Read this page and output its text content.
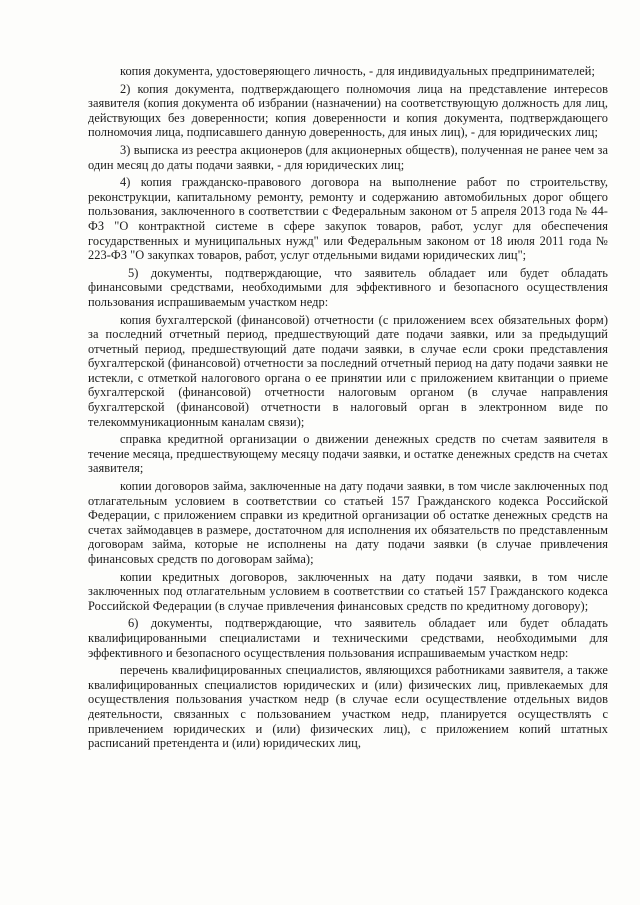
копия документа, удостоверяющего личность, - для индивидуальных предпринимателей;

2) копия документа, подтверждающего полномочия лица на представление интересов заявителя (копия документа об избрании (назначении) на соответствующую должность для лиц, действующих без доверенности; копия доверенности и копия документа, подтверждающего полномочия лица, подписавшего данную доверенность, для иных лиц), - для юридических лиц;

3) выписка из реестра акционеров (для акционерных обществ), полученная не ранее чем за один месяц до даты подачи заявки, - для юридических лиц;

4) копия гражданско-правового договора на выполнение работ по строительству, реконструкции, капитальному ремонту, ремонту и содержанию автомобильных дорог общего пользования, заключенного в соответствии с Федеральным законом от 5 апреля 2013 года № 44-ФЗ "О контрактной системе в сфере закупок товаров, работ, услуг для обеспечения государственных и муниципальных нужд" или Федеральным законом от 18 июля 2011 года № 223-ФЗ "О закупках товаров, работ, услуг отдельными видами юридических лиц";

5) документы, подтверждающие, что заявитель обладает или будет обладать финансовыми средствами, необходимыми для эффективного и безопасного осуществления пользования испрашиваемым участком недр:

копия бухгалтерской (финансовой) отчетности (с приложением всех обязательных форм) за последний отчетный период, предшествующий дате подачи заявки, или за предыдущий отчетный период, предшествующий дате подачи заявки, в случае если сроки представления бухгалтерской (финансовой) отчетности за последний отчетный период на дату подачи заявки не истекли, с отметкой налогового органа о ее принятии или с приложением квитанции о приеме бухгалтерской (финансовой) отчетности налоговым органом (в случае направления бухгалтерской (финансовой) отчетности в налоговый орган в электронном виде по телекоммуникационным каналам связи);

справка кредитной организации о движении денежных средств по счетам заявителя в течение месяца, предшествующему месяцу подачи заявки, и остатке денежных средств на счетах заявителя;

копии договоров займа, заключенные на дату подачи заявки, в том числе заключенных под отлагательным условием в соответствии со статьей 157 Гражданского кодекса Российской Федерации, с приложением справки из кредитной организации об остатке денежных средств на счетах займодавцев в размере, достаточном для исполнения их обязательств по представленным договорам займа, которые не исполнены на дату подачи заявки (в случае привлечения финансовых средств по договорам займа);

копии кредитных договоров, заключенных на дату подачи заявки, в том числе заключенных под отлагательным условием в соответствии со статьей 157 Гражданского кодекса Российской Федерации (в случае привлечения финансовых средств по кредитному договору);

6) документы, подтверждающие, что заявитель обладает или будет обладать квалифицированными специалистами и техническими средствами, необходимыми для эффективного и безопасного осуществления пользования испрашиваемым участком недр:

перечень квалифицированных специалистов, являющихся работниками заявителя, а также квалифицированных специалистов юридических и (или) физических лиц, привлекаемых для осуществления пользования участком недр (в случае если осуществление отдельных видов деятельности, связанных с пользованием участком недр, планируется осуществлять с привлечением юридических и (или) физических лиц), с приложением копий штатных расписаний претендента и (или) юридических лиц,
